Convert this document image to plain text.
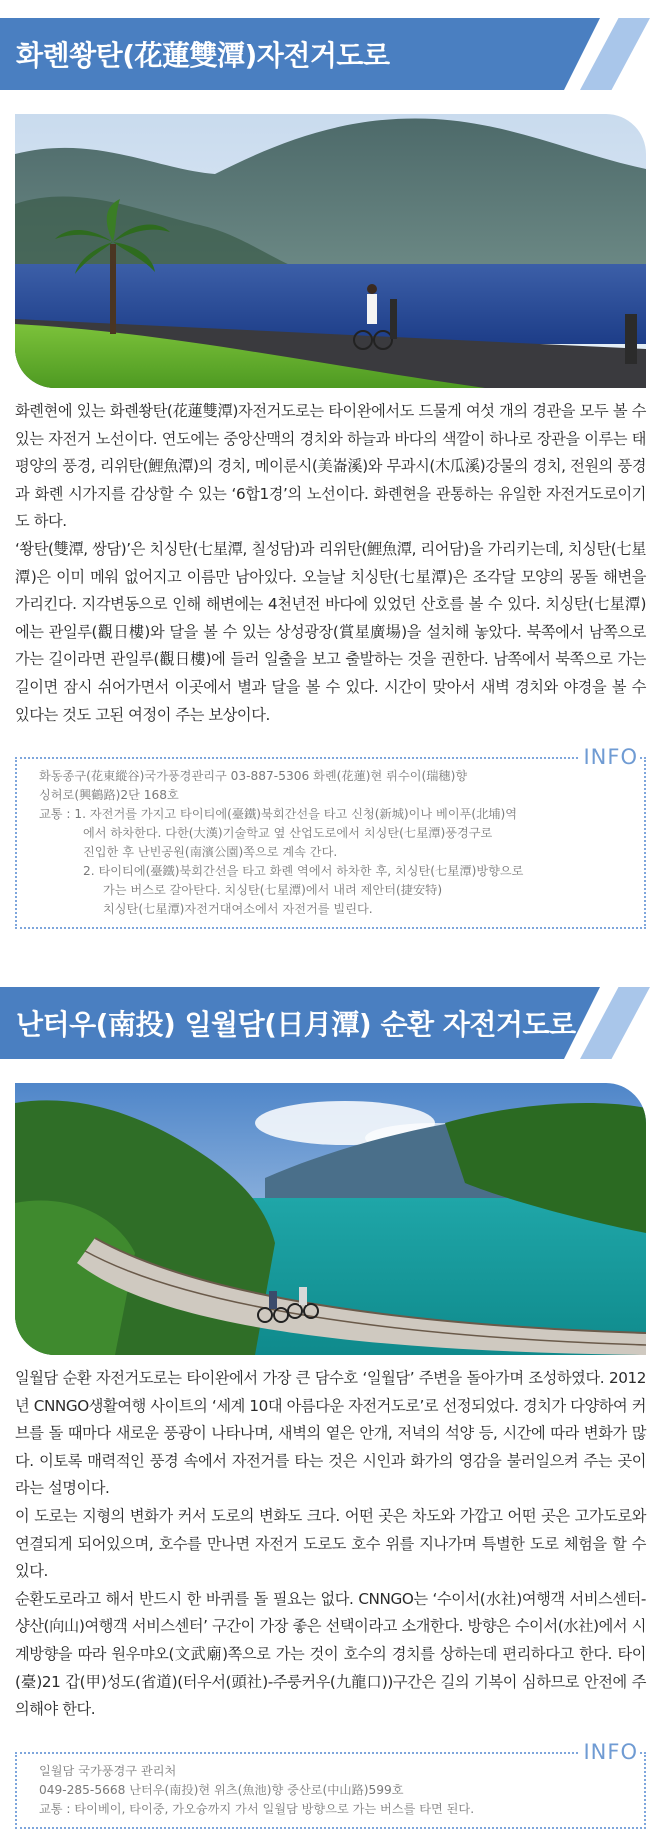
화롄쐉탄(花蓮雙潭)자전거도로

화롄현에 있는 화롄쐉탄(花蓮雙潭)자전거도로는 타이완에서도 드물게 여섯 개의 경관을 모두 볼 수 있는 자전거 노선이다. 연도에는 중앙산맥의 경치와 하늘과 바다의 색깔이 하나로 장관을 이루는 태평양의 풍경, 리위탄(鯉魚潭)의 경치, 메이룬시(美崙溪)와 무과시(木瓜溪)강물의 경치, 전원의 풍경과 화롄 시가지를 감상할 수 있는 ‘6합1경’의 노선이다. 화롄현을 관통하는 유일한 자전거도로이기도 하다.

‘쐉탄(雙潭, 쌍담)’은 치싱탄(七星潭, 칠성담)과 리위탄(鯉魚潭, 리어담)을 가리키는데, 치싱탄(七星潭)은 이미 메워 없어지고 이름만 남아있다. 오늘날 치싱탄(七星潭)은 조각달 모양의 몽돌 해변을 가리킨다. 지각변동으로 인해 해변에는 4천년전 바다에 있었던 산호를 볼 수 있다. 치싱탄(七星潭)에는 관일루(觀日樓)와 달을 볼 수 있는 상성광장(賞星廣場)을 설치해 놓았다. 북쪽에서 남쪽으로 가는 길이라면 관일루(觀日樓)에 들러 일출을 보고 출발하는 것을 권한다. 남쪽에서 북쪽으로 가는 길이면 잠시 쉬어가면서 이곳에서 별과 달을 볼 수 있다. 시간이 맞아서 새벽 경치와 야경을 볼 수 있다는 것도 고된 여정이 주는 보상이다.

INFO
화동종구(花東縱谷)국가풍경관리구 03-887-5306 화롄(花蓮)현 뤼수이(瑞穗)향
싱허로(興鶴路)2단 168호
교통 : 1. 자전거를 가지고 타이티에(臺鐵)북회간선을 타고 신청(新城)이나 베이푸(北埔)역
에서 하차한다. 다한(大漢)기술학교 옆 산업도로에서 치싱탄(七星潭)풍경구로
진입한 후 난빈공원(南濱公園)쪽으로 계속 간다.
2. 타이티에(臺鐵)북회간선을 타고 화롄 역에서 하차한 후, 치싱탄(七星潭)방향으로
가는 버스로 갈아탄다. 치싱탄(七星潭)에서 내려 제안터(捷安特)
치싱탄(七星潭)자전거대여소에서 자전거를 빌린다.
난터우(南投) 일월담(日月潭) 순환 자전거도로

일월담 순환 자전거도로는 타이완에서 가장 큰 담수호 ‘일월담’ 주변을 돌아가며 조성하였다. 2012년 CNNGO생활여행 사이트의 ‘세계 10대 아름다운 자전거도로’로 선정되었다. 경치가 다양하여 커브를 돌 때마다 새로운 풍광이 나타나며, 새벽의 옅은 안개, 저녁의 석양 등, 시간에 따라 변화가 많다. 이토록 매력적인 풍경 속에서 자전거를 타는 것은 시인과 화가의 영감을 불러일으켜 주는 곳이라는 설명이다.

이 도로는 지형의 변화가 커서 도로의 변화도 크다. 어떤 곳은 차도와 가깝고 어떤 곳은 고가도로와 연결되게 되어있으며, 호수를 만나면 자전거 도로도 호수 위를 지나가며 특별한 도로 체험을 할 수 있다.

순환도로라고 해서 반드시 한 바퀴를 돌 필요는 없다. CNNGO는 ‘수이서(水社)여행객 서비스센터-샹산(向山)여행객 서비스센터’ 구간이 가장 좋은 선택이라고 소개한다. 방향은 수이서(水社)에서 시계방향을 따라 원우먀오(文武廟)쪽으로 가는 것이 호수의 경치를 상하는데 편리하다고 한다. 타이(臺)21 갑(甲)성도(省道)(터우서(頭社)-주룽커우(九龍口))구간은 길의 기복이 심하므로 안전에 주의해야 한다.

INFO
일월담 국가풍경구 관리처
049-285-5668 난터우(南投)현 위츠(魚池)향 중산로(中山路)599호
교통 : 타이베이, 타이중, 가오슝까지 가서 일월담 방향으로 가는 버스를 타면 된다.
